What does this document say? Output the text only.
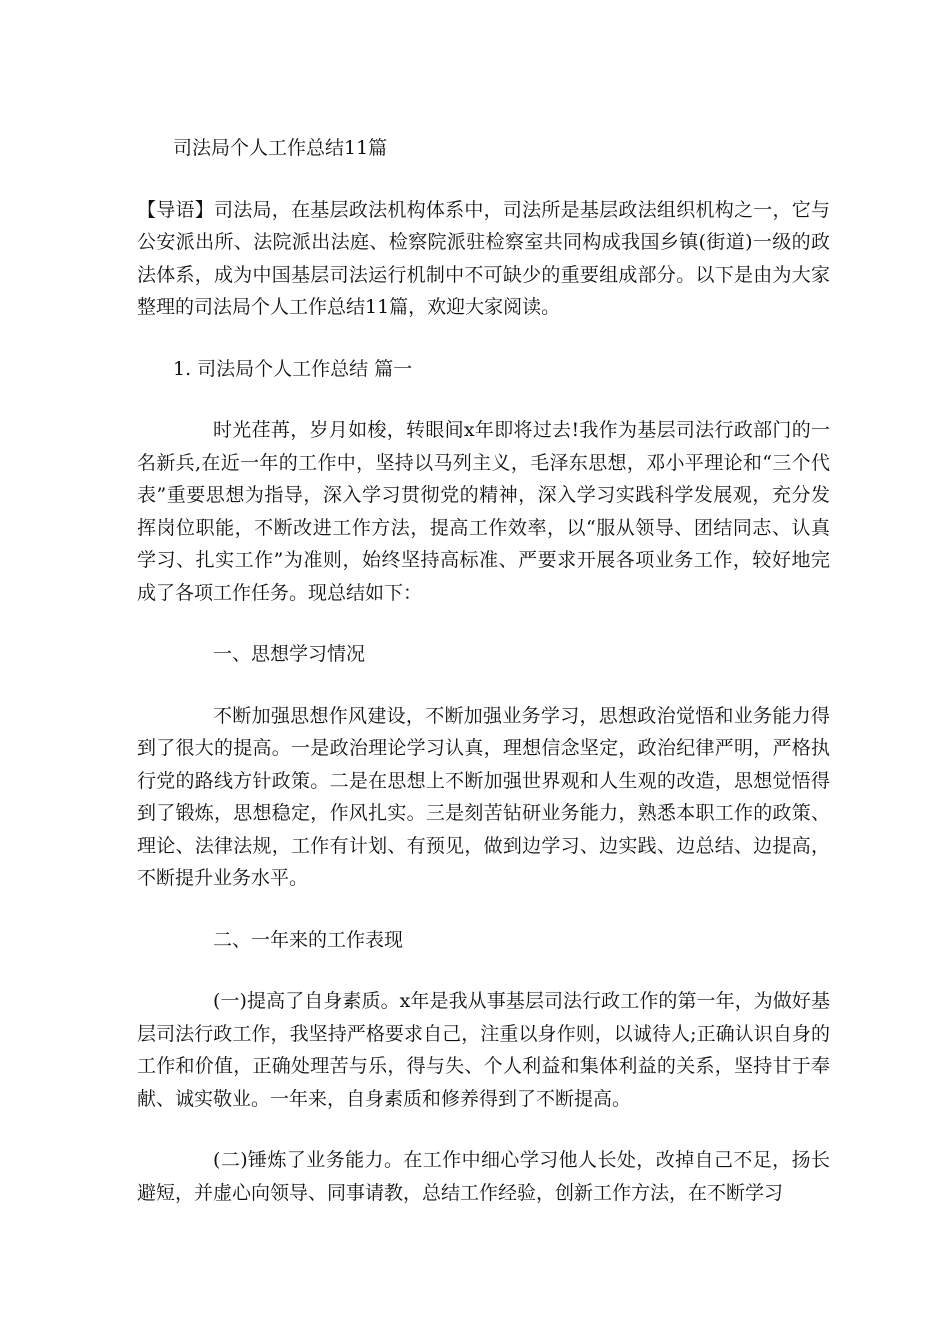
司法局个人工作总结11篇

【导语】司法局，在基层政法机构体系中，司法所是基层政法组织机构之一，它与公安派出所、法院派出法庭、检察院派驻检察室共同构成我国乡镇(街道)一级的政法体系，成为中国基层司法运行机制中不可缺少的重要组成部分。以下是由为大家整理的司法局个人工作总结11篇，欢迎大家阅读。

1. 司法局个人工作总结 篇一

时光荏苒，岁月如梭，转眼间x年即将过去!我作为基层司法行政部门的一名新兵,在近一年的工作中，坚持以马列主义，毛泽东思想，邓小平理论和“三个代表”重要思想为指导，深入学习贯彻党的精神，深入学习实践科学发展观，充分发挥岗位职能，不断改进工作方法，提高工作效率，以“服从领导、团结同志、认真学习、扎实工作”为准则，始终坚持高标准、严要求开展各项业务工作，较好地完成了各项工作任务。现总结如下：

一、思想学习情况

不断加强思想作风建设，不断加强业务学习，思想政治觉悟和业务能力得到了很大的提高。一是政治理论学习认真，理想信念坚定，政治纪律严明，严格执行党的路线方针政策。二是在思想上不断加强世界观和人生观的改造，思想觉悟得到了锻炼，思想稳定，作风扎实。三是刻苦钻研业务能力，熟悉本职工作的政策、理论、法律法规，工作有计划、有预见，做到边学习、边实践、边总结、边提高，不断提升业务水平。

二、一年来的工作表现

(一)提高了自身素质。x年是我从事基层司法行政工作的第一年，为做好基层司法行政工作，我坚持严格要求自己，注重以身作则，以诚待人;正确认识自身的工作和价值，正确处理苦与乐，得与失、个人利益和集体利益的关系，坚持甘于奉献、诚实敬业。一年来，自身素质和修养得到了不断提高。

(二)锤炼了业务能力。在工作中细心学习他人长处，改掉自己不足，扬长避短，并虚心向领导、同事请教，总结工作经验，创新工作方法，在不断学习
